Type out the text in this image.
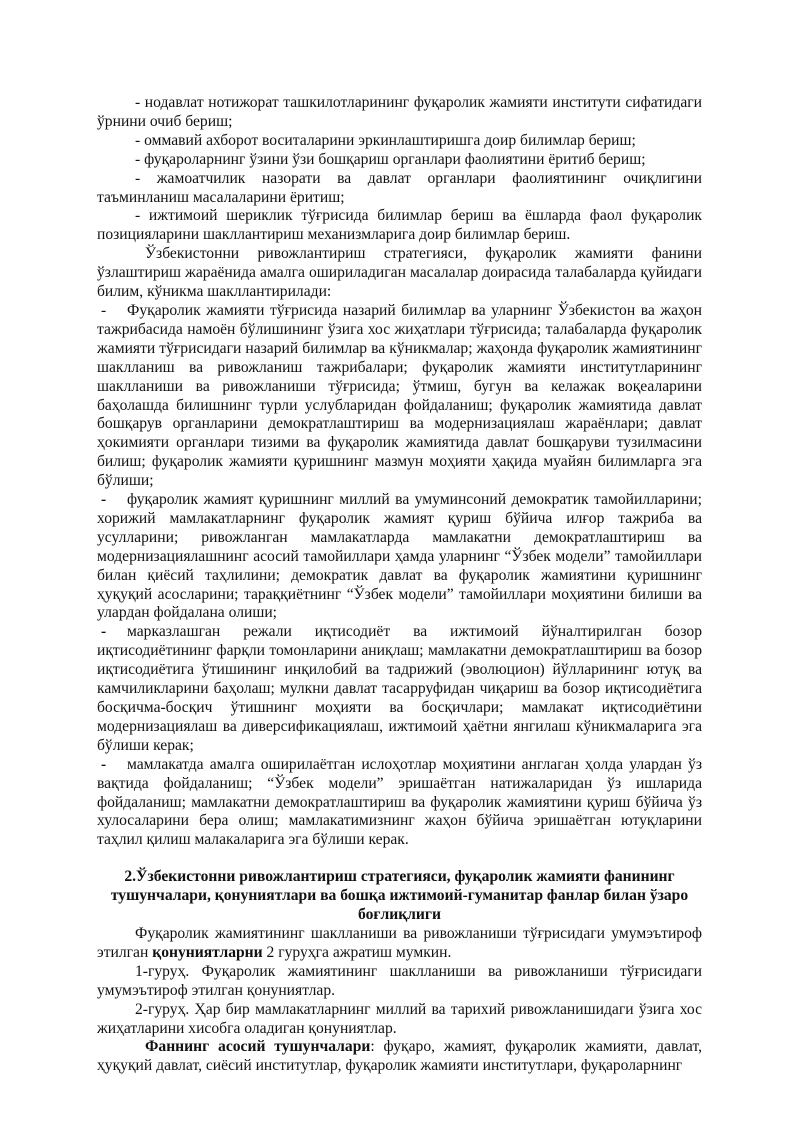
- нодавлат нотижорат ташкилотларининг фуқаролик жамияти институти сифатидаги ўрнини очиб бериш;

- оммавий ахборот воситаларини эркинлаштиришга доир билимлар бериш;

- фуқароларнинг ўзини ўзи бошқариш органлари фаолиятини ёритиб бериш;

- жамоатчилик назорати ва давлат органлари фаолиятининг очиқлигини таъминланиш масалаларини ёритиш;

- ижтимоий шериклик тўғрисида билимлар бериш ва ёшларда фаол фуқаролик позицияларини шакллантириш механизмларига доир билимлар бериш.

Ўзбекистонни ривожлантириш стратегияси, фуқаролик жамияти фанини ўзлаштириш жараёнида амалга ошириладиган масалалар доирасида талабаларда қуйидаги билим, кўникма шакллантирилади:

- Фуқаролик жамияти тўғрисида назарий билимлар ва уларнинг Ўзбекистон ва жаҳон тажрибасида намоён бўлишининг ўзига хос жиҳатлари тўғрисида; талабаларда фуқаролик жамияти тўғрисидаги назарий билимлар ва кўникмалар; жаҳонда фуқаролик жамиятининг шаклланиш ва ривожланиш тажрибалари; фуқаролик жамияти институтларининг шаклланиши ва ривожланиши тўғрисида; ўтмиш, бугун ва келажак воқеаларини баҳолашда билишнинг турли услубларидан фойдаланиш; фуқаролик жамиятида давлат бошқарув органларини демократлаштириш ва модернизациялаш жараёнлари; давлат ҳокимияти органлари тизими ва фуқаролик жамиятида давлат бошқаруви тузилмасини билиш; фуқаролик жамияти қуришнинг мазмун моҳияти ҳақида муайян билимларга эга бўлиши;

- фуқаролик жамият қуришнинг миллий ва умуминсоний демократик тамойилларини; хорижий мамлакатларнинг фуқаролик жамият қуриш бўйича илғор тажриба ва усулларини; ривожланган мамлакатларда мамлакатни демократлаштириш ва модернизациялашнинг асосий тамойиллари ҳамда уларнинг “Ўзбек модели” тамойиллари билан қиёсий таҳлилини; демократик давлат ва фуқаролик жамиятини қуришнинг ҳуқуқий асосларини; тараққиётнинг “Ўзбек модели” тамойиллари моҳиятини билиши ва улардан фойдалана олиши;

- марказлашган режали иқтисодиёт ва ижтимоий йўналтирилган бозор иқтисодиётининг фарқли томонларини аниқлаш; мамлакатни демократлаштириш ва бозор иқтисодиётига ўтишининг инқилобий ва тадрижий (эволюцион) йўлларининг ютуқ ва камчиликларини баҳолаш; мулкни давлат тасарруфидан чиқариш ва бозор иқтисодиётига босқичма-босқич ўтишнинг моҳияти ва босқичлари; мамлакат иқтисодиётини модернизациялаш ва диверсификациялаш, ижтимоий ҳаётни янгилаш кўникмаларига эга бўлиши керак;

- мамлакатда амалга оширилаётган ислоҳотлар моҳиятини англаган ҳолда улардан ўз вақтида фойдаланиш; “Ўзбек модели” эришаётган натижаларидан ўз ишларида фойдаланиш; мамлакатни демократлаштириш ва фуқаролик жамиятини қуриш бўйича ўз хулосаларини бера олиш; мамлакатимизнинг жаҳон бўйича эришаётган ютуқларини таҳлил қилиш малакаларига эга бўлиши керак.

2.Ўзбекистонни ривожлантириш стратегияси, фуқаролик жамияти фанининг тушунчалари, қонуниятлари ва бошқа ижтимоий-гуманитар фанлар билан ўзаро боғлиқлиги

Фуқаролик жамиятининг шаклланиши ва ривожланиши тўғрисидаги умумэътироф этилган қонуниятларни 2 гуруҳга ажратиш мумкин.

1-гуруҳ. Фуқаролик жамиятининг шаклланиши ва ривожланиши тўғрисидаги умумэътироф этилган қонуниятлар.

2-гуруҳ. Ҳар бир мамлакатларнинг миллий ва тарихий ривожланишидаги ўзига хос жиҳатларини хисобга оладиган қонуниятлар.

Фаннинг асосий тушунчалари: фуқаро, жамият, фуқаролик жамияти, давлат, ҳуқуқий давлат, сиёсий институтлар, фуқаролик жамияти институтлари, фуқароларнинг
